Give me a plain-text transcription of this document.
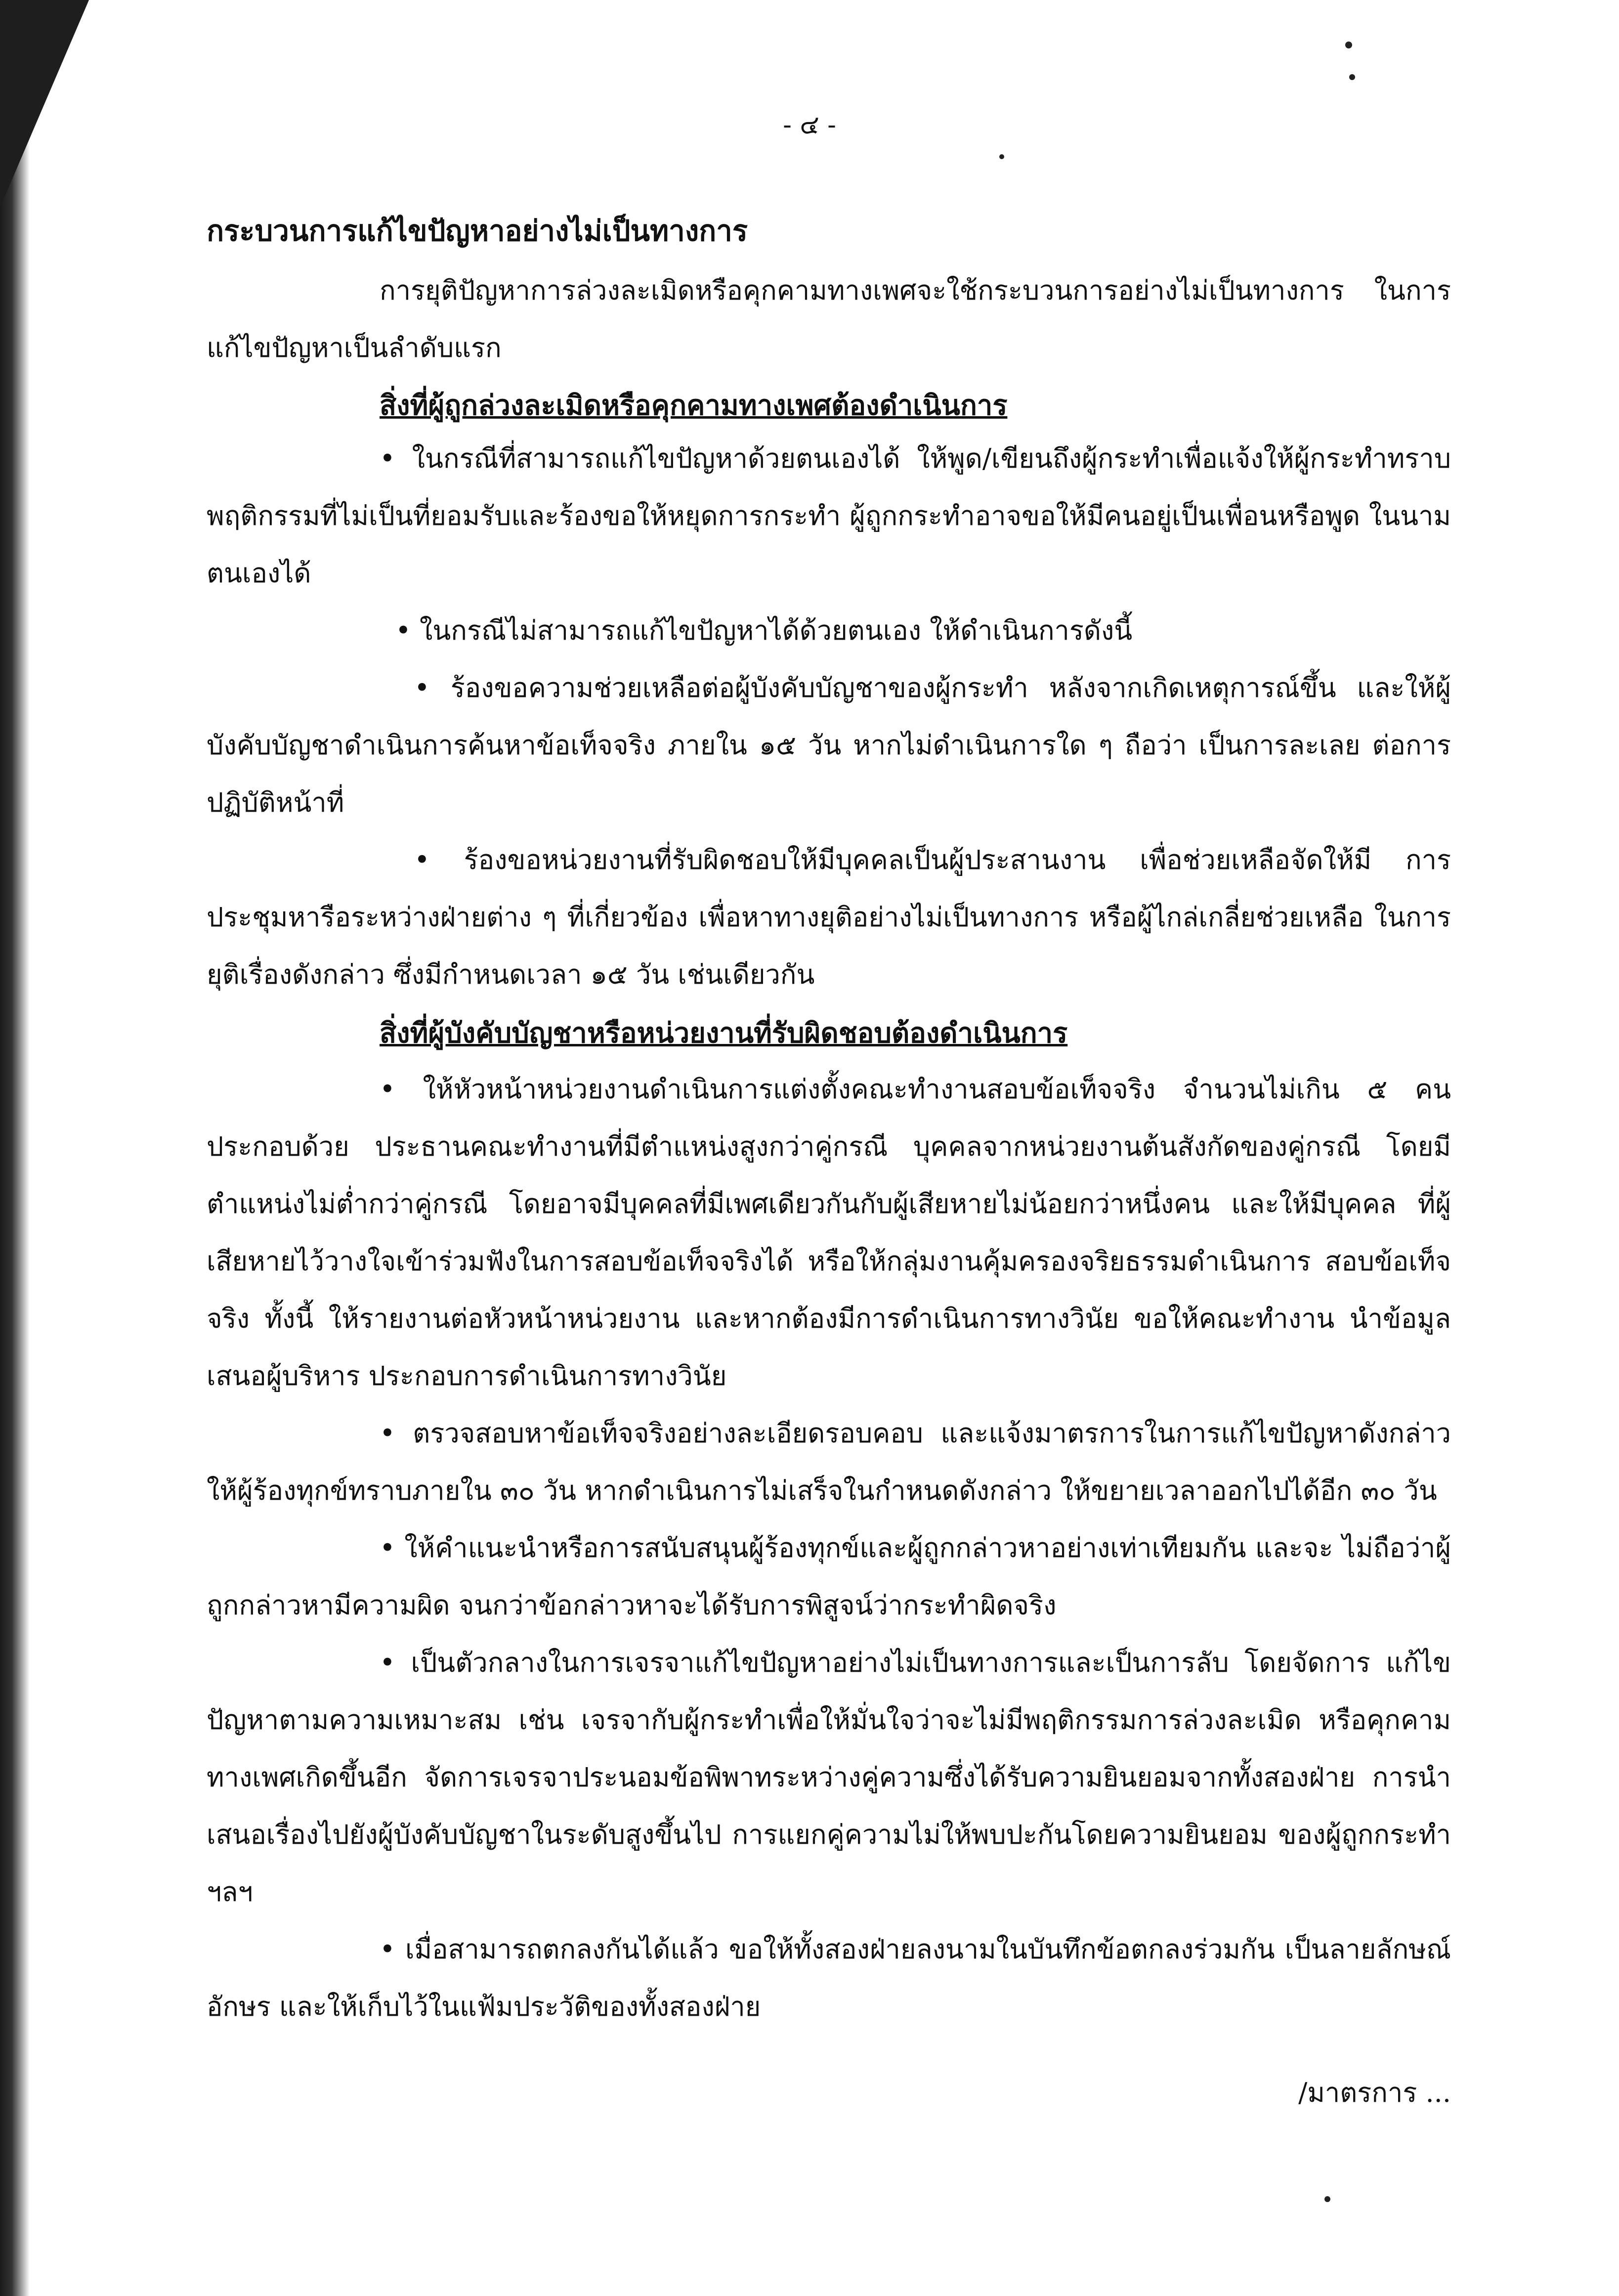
- ๔ -
กระบวนการแก้ไขปัญหาอย่างไม่เป็นทางการ
การยุติปัญหาการล่วงละเมิดหรือคุกคามทางเพศจะใช้กระบวนการอย่างไม่เป็นทางการ ในการแก้ไขปัญหาเป็นลำดับแรก
สิ่งที่ผู้ถูกล่วงละเมิดหรือคุกคามทางเพศต้องดำเนินการ
• ในกรณีที่สามารถแก้ไขปัญหาด้วยตนเองได้ ให้พูด/เขียนถึงผู้กระทำเพื่อแจ้งให้ผู้กระทำทราบ พฤติกรรมที่ไม่เป็นที่ยอมรับและร้องขอให้หยุดการกระทำ ผู้ถูกกระทำอาจขอให้มีคนอยู่เป็นเพื่อนหรือพูด ในนามตนเองได้
• ในกรณีไม่สามารถแก้ไขปัญหาได้ด้วยตนเอง ให้ดำเนินการดังนี้
• ร้องขอความช่วยเหลือต่อผู้บังคับบัญชาของผู้กระทำ หลังจากเกิดเหตุการณ์ขึ้น และให้ผู้บังคับบัญชาดำเนินการค้นหาข้อเท็จจริง ภายใน ๑๕ วัน หากไม่ดำเนินการใด ๆ ถือว่า เป็นการละเลย ต่อการปฏิบัติหน้าที่
• ร้องขอหน่วยงานที่รับผิดชอบให้มีบุคคลเป็นผู้ประสานงาน เพื่อช่วยเหลือจัดให้มี การประชุมหารือระหว่างฝ่ายต่าง ๆ ที่เกี่ยวข้อง เพื่อหาทางยุติอย่างไม่เป็นทางการ หรือผู้ไกล่เกลี่ยช่วยเหลือ ในการยุติเรื่องดังกล่าว ซึ่งมีกำหนดเวลา ๑๕ วัน เช่นเดียวกัน
สิ่งที่ผู้บังคับบัญชาหรือหน่วยงานที่รับผิดชอบต้องดำเนินการ
• ให้หัวหน้าหน่วยงานดำเนินการแต่งตั้งคณะทำงานสอบข้อเท็จจริง จำนวนไม่เกิน ๕ คน ประกอบด้วย ประธานคณะทำงานที่มีตำแหน่งสูงกว่าคู่กรณี บุคคลจากหน่วยงานต้นสังกัดของคู่กรณี โดยมีตำแหน่งไม่ต่ำกว่าคู่กรณี โดยอาจมีบุคคลที่มีเพศเดียวกันกับผู้เสียหายไม่น้อยกว่าหนึ่งคน และให้มีบุคคล ที่ผู้เสียหายไว้วางใจเข้าร่วมฟังในการสอบข้อเท็จจริงได้ หรือให้กลุ่มงานคุ้มครองจริยธรรมดำเนินการ สอบข้อเท็จจริง ทั้งนี้ ให้รายงานต่อหัวหน้าหน่วยงาน และหากต้องมีการดำเนินการทางวินัย ขอให้คณะทำงาน นำข้อมูลเสนอผู้บริหาร ประกอบการดำเนินการทางวินัย
• ตรวจสอบหาข้อเท็จจริงอย่างละเอียดรอบคอบ และแจ้งมาตรการในการแก้ไขปัญหาดังกล่าว ให้ผู้ร้องทุกข์ทราบภายใน ๓๐ วัน หากดำเนินการไม่เสร็จในกำหนดดังกล่าว ให้ขยายเวลาออกไปได้อีก ๓๐ วัน
• ให้คำแนะนำหรือการสนับสนุนผู้ร้องทุกข์และผู้ถูกกล่าวหาอย่างเท่าเทียมกัน และจะ ไม่ถือว่าผู้ถูกกล่าวหามีความผิด จนกว่าข้อกล่าวหาจะได้รับการพิสูจน์ว่ากระทำผิดจริง
• เป็นตัวกลางในการเจรจาแก้ไขปัญหาอย่างไม่เป็นทางการและเป็นการลับ โดยจัดการ แก้ไขปัญหาตามความเหมาะสม เช่น เจรจากับผู้กระทำเพื่อให้มั่นใจว่าจะไม่มีพฤติกรรมการล่วงละเมิด หรือคุกคามทางเพศเกิดขึ้นอีก จัดการเจรจาประนอมข้อพิพาทระหว่างคู่ความซึ่งได้รับความยินยอมจากทั้งสองฝ่าย การนำเสนอเรื่องไปยังผู้บังคับบัญชาในระดับสูงขึ้นไป การแยกคู่ความไม่ให้พบปะกันโดยความยินยอม ของผู้ถูกกระทำ ฯลฯ
• เมื่อสามารถตกลงกันได้แล้ว ขอให้ทั้งสองฝ่ายลงนามในบันทึกข้อตกลงร่วมกัน เป็นลายลักษณ์อักษร และให้เก็บไว้ในแฟ้มประวัติของทั้งสองฝ่าย
/มาตรการ ...
